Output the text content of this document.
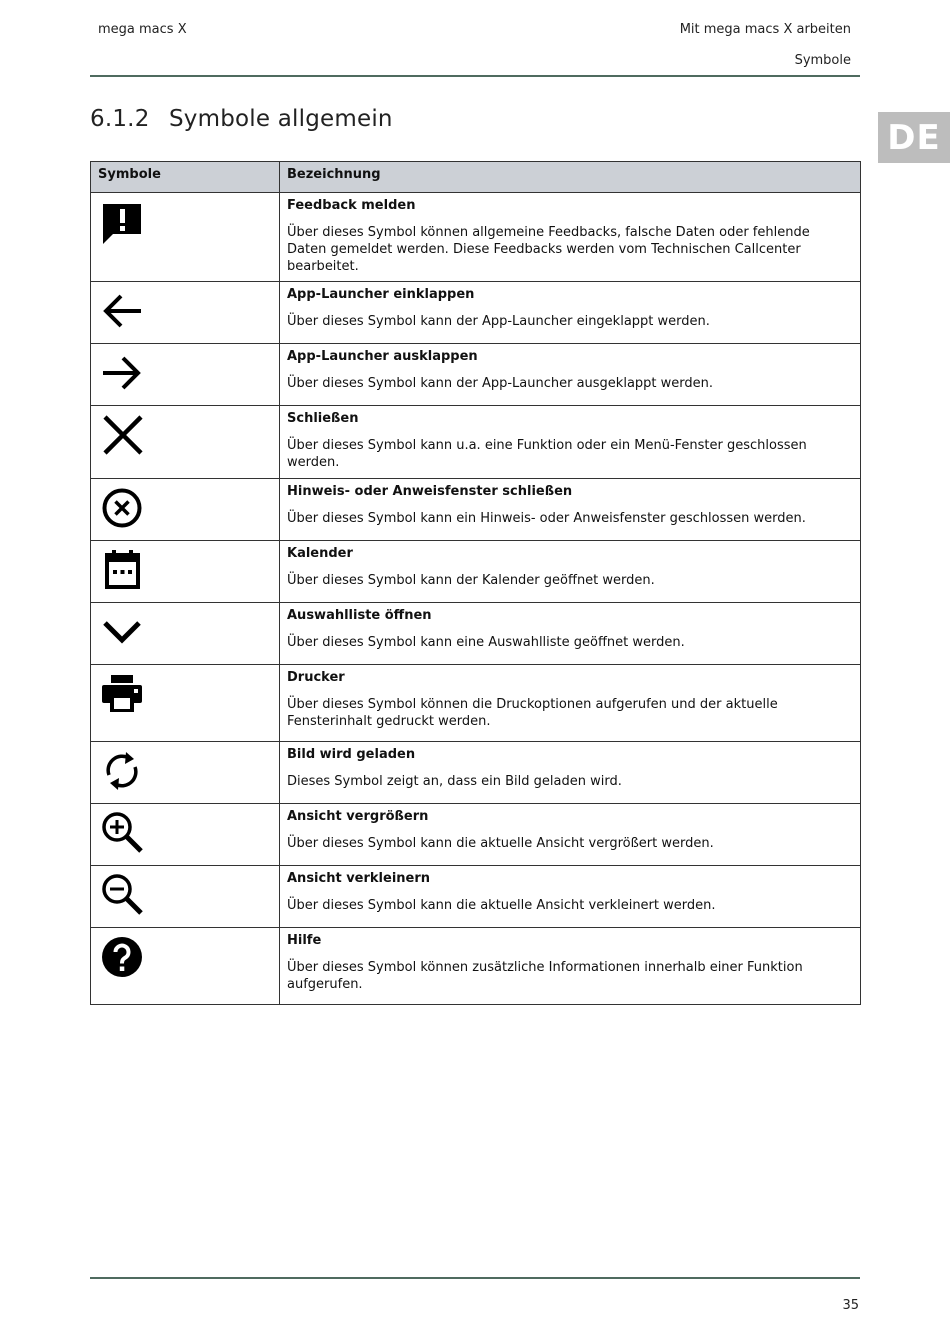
mega macs X	Mit mega macs X arbeiten
Symbole
6.1.2 Symbole allgemein	DE
Symbole	Bezeichnung

Feedback melden
Über dieses Symbol können allgemeine Feedbacks, falsche Daten oder fehlende Daten gemeldet werden. Diese Feedbacks werden vom Technischen Callcenter bearbeitet.

App-Launcher einklappen
Über dieses Symbol kann der App-Launcher eingeklappt werden.

App-Launcher ausklappen
Über dieses Symbol kann der App-Launcher ausgeklappt werden.

Schließen
Über dieses Symbol kann u.a. eine Funktion oder ein Menü-Fenster geschlossen werden.

Hinweis- oder Anweisfenster schließen
Über dieses Symbol kann ein Hinweis- oder Anweisfenster geschlossen werden.

Kalender
Über dieses Symbol kann der Kalender geöffnet werden.

Auswahlliste öffnen
Über dieses Symbol kann eine Auswahlliste geöffnet werden.

Drucker
Über dieses Symbol können die Druckoptionen aufgerufen und der aktuelle Fensterinhalt gedruckt werden.

Bild wird geladen
Dieses Symbol zeigt an, dass ein Bild geladen wird.

Ansicht vergrößern
Über dieses Symbol kann die aktuelle Ansicht vergrößert werden.

Ansicht verkleinern
Über dieses Symbol kann die aktuelle Ansicht verkleinert werden.

Hilfe
Über dieses Symbol können zusätzliche Informationen innerhalb einer Funktion aufgerufen.
35
